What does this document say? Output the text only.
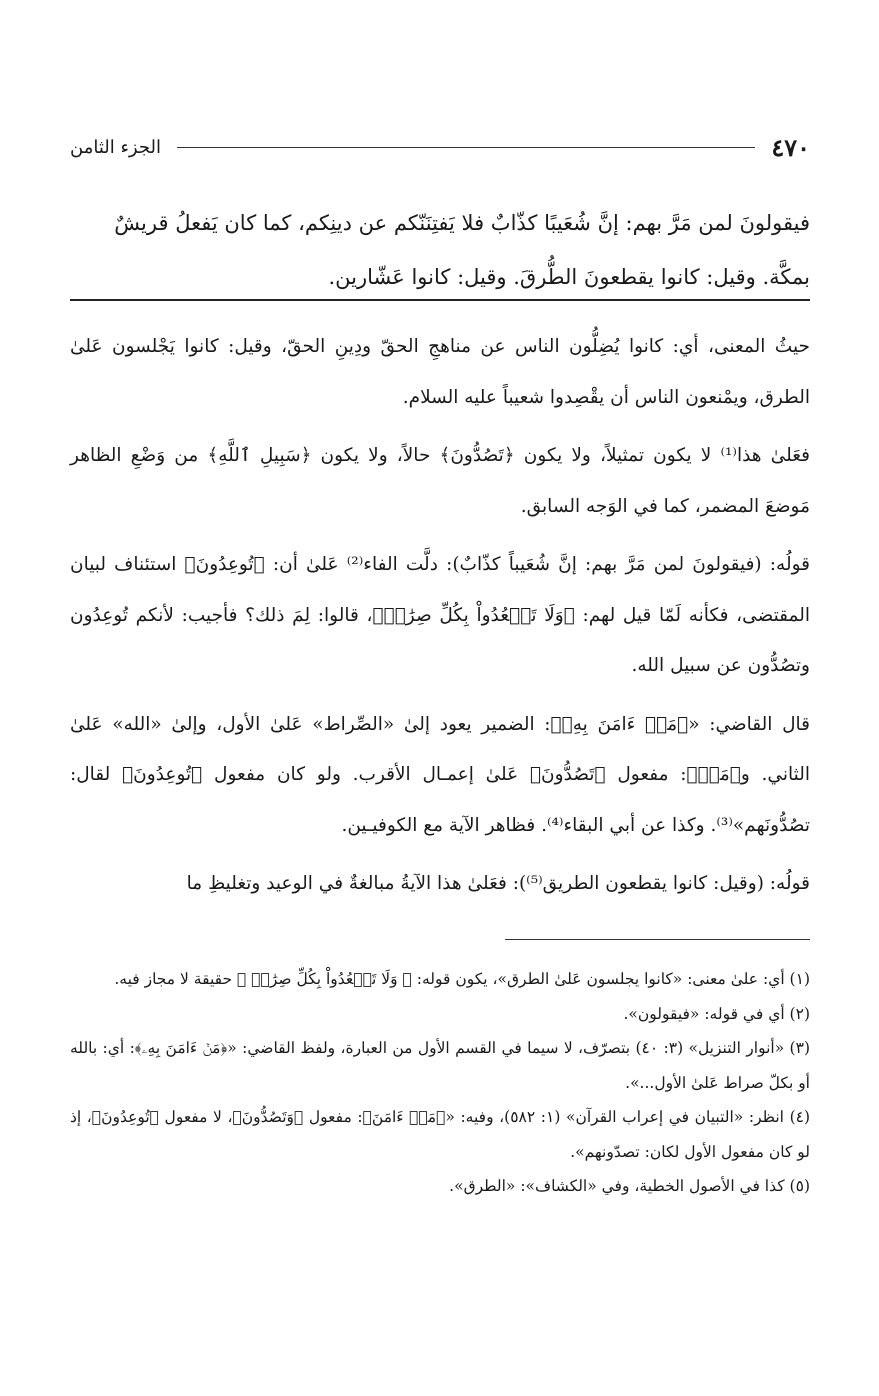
٤٧٠
الجزء الثامن

فيقولونَ لمن مَرَّ بهم: إنَّ شُعَيبًا كذّابٌ فلا يَفتِنَنّكم عن دينِكم، كما كان يَفعلُ قريشٌ

بمكَّة. وقيل: كانوا يقطعونَ الطُّرقَ. وقيل: كانوا عَشّارين.

حيثُ المعنى، أي: كانوا يُضِلُّون الناس عن مناهجِ الحقّ ودِينِ الحقّ، وقيل: كانوا يَجْلسون عَلىٰ الطرق، ويمْنعون الناس أن يقْصِدوا شعيباً عليه السلام.

فعَلىٰ هذا⁽¹⁾ لا يكون تمثيلاً، ولا يكون ﴿تَصُدُّونَ﴾ حالاً، ولا يكون ﴿سَبِيلِ ٱللَّهِ﴾ من وَضْعِ الظاهر مَوضعَ المضمر، كما في الوَجه السابق.

قولُه: (فيقولونَ لمن مَرَّ بهم: إنَّ شُعَيباً كذّابٌ): دلَّت الفاء⁽²⁾ عَلىٰ أن: ﴿تُوعِدُونَ﴾ استئناف لبيان المقتضى، فكأنه لَمّا قيل لهم: ﴿وَلَا تَقۡعُدُواْ بِكُلِّ صِرَٰطٖ﴾، قالوا: لِمَ ذلك؟ فأجيب: لأنكم تُوعِدُون وتصُدُّون عن سبيل الله.

قال القاضي: «﴿مَنۡ ءَامَنَ بِهِۦ﴾: الضمير يعود إلىٰ «الصِّراط» عَلىٰ الأول، وإلىٰ «الله» عَلىٰ الثاني. و﴿مَنۡ﴾: مفعول ﴿تَصُدُّونَ﴾ عَلىٰ إعمـال الأقرب. ولو كان مفعول ﴿تُوعِدُونَ﴾ لقال: تصُدُّونَهم»⁽³⁾. وكذا عن أبي البقاء⁽⁴⁾. فظاهر الآية مع الكوفيـين.

قولُه: (وقيل: كانوا يقطعون الطريق⁽⁵⁾): فعَلىٰ هذا الآيةُ مبالغةٌ في الوعيد وتغليظِ ما

(١) أي: علىٰ معنى: «كانوا يجلسون عَلىٰ الطرق»، يكون قوله: ﴿ وَلَا تَقۡعُدُواْ بِكُلِّ صِرَٰطٖ ﴾ حقيقة لا مجاز فيه.

(٢) أي في قوله: «فيقولون».

(٣) «أنوار التنزيل» (٣: ٤٠) بتصرّف، لا سيما في القسم الأول من العبارة، ولفظ القاضي: «﴿مَنۡ ءَامَنَ بِهِۦ﴾: أي: بالله أو بكلّ صراط عَلىٰ الأول...».

(٤) انظر: «التبيان في إعراب القرآن» (١: ٥٨٢)، وفيه: «﴿مَنۡ ءَامَنَ﴾: مفعول ﴿وَتَصُدُّونَ﴾، لا مفعول ﴿تُوعِدُونَ﴾، إذ لو كان مفعول الأول لكان: تصدّونهم».

(٥) كذا في الأصول الخطية، وفي «الكشاف»: «الطرق».
